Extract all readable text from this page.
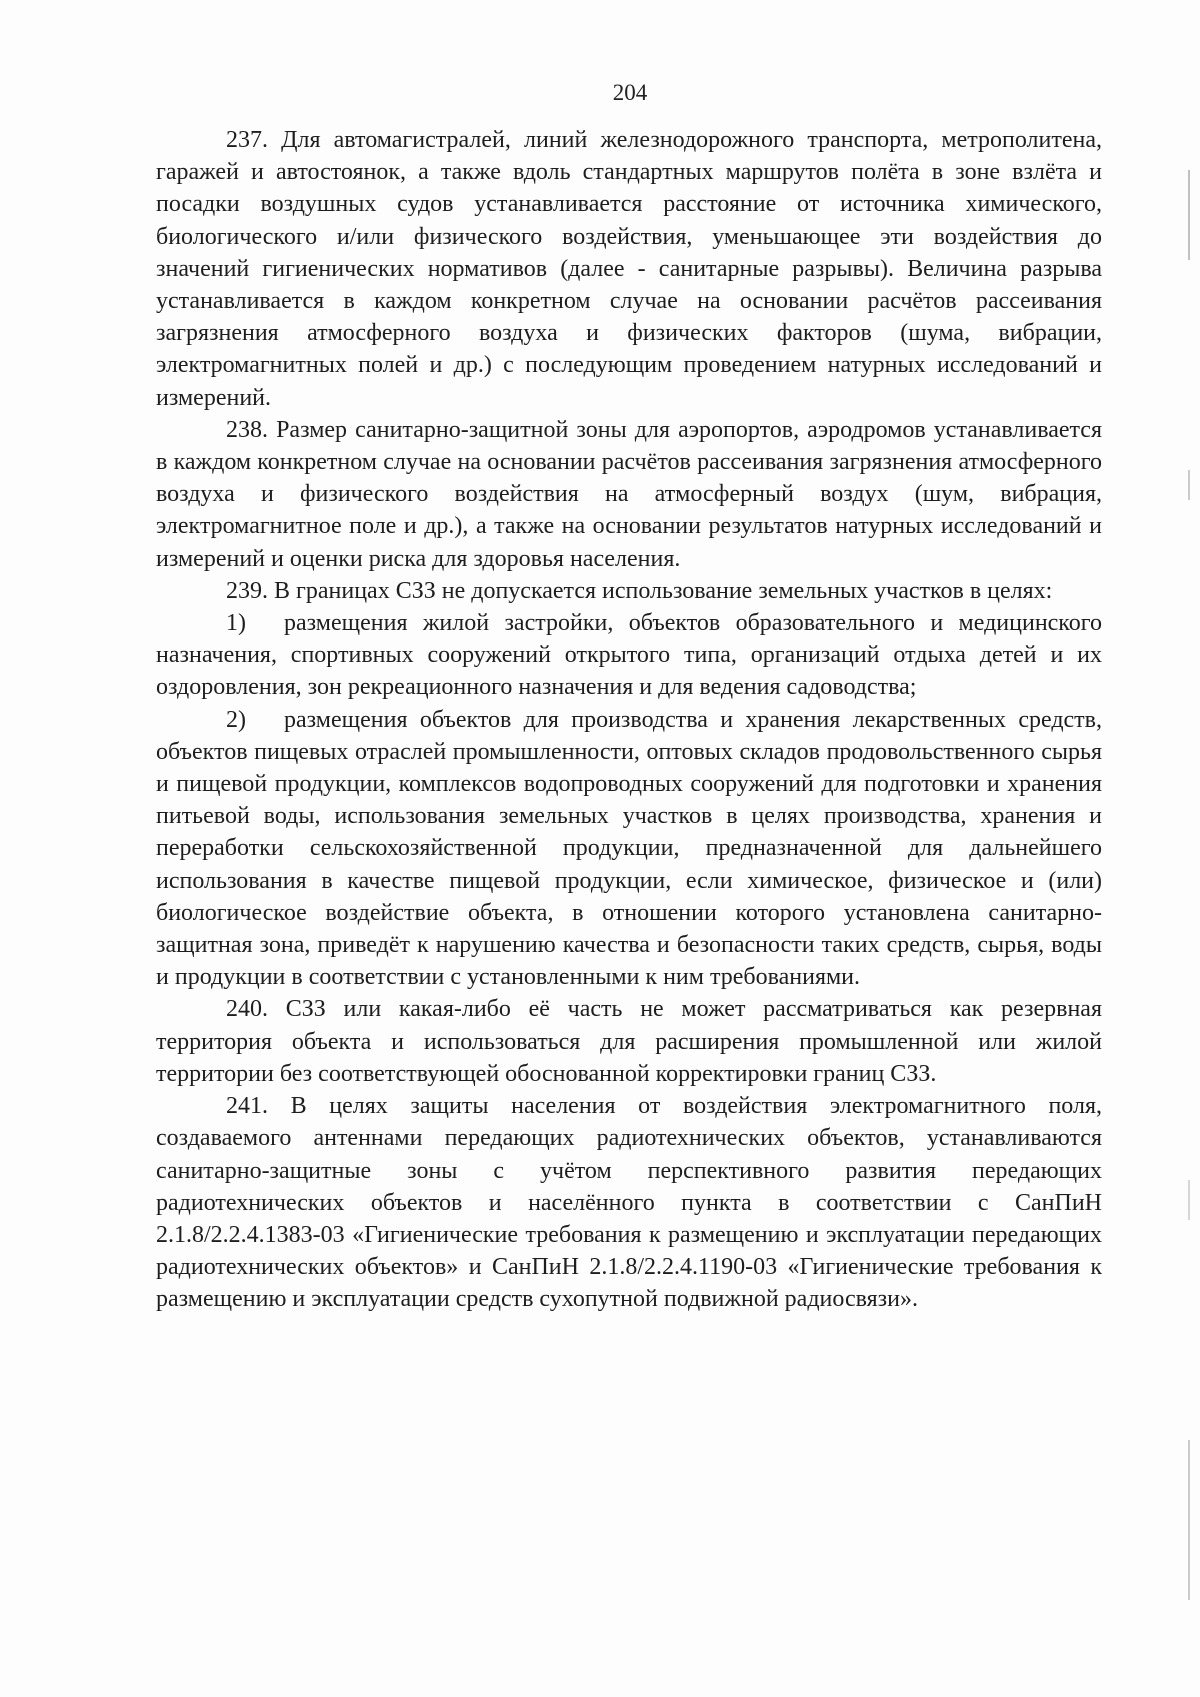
204

237. Для автомагистралей, линий железнодорожного транспорта, метрополитена, гаражей и автостоянок, а также вдоль стандартных маршрутов полёта в зоне взлёта и посадки воздушных судов устанавливается расстояние от источника химического, биологического и/или физического воздействия, уменьшающее эти воздействия до значений гигиенических нормативов (далее - санитарные разрывы). Величина разрыва устанавливается в каждом конкретном случае на основании расчётов рассеивания загрязнения атмосферного воздуха и физических факторов (шума, вибрации, электромагнитных полей и др.) с последующим проведением натурных исследований и измерений.

238. Размер санитарно-защитной зоны для аэропортов, аэродромов устанавливается в каждом конкретном случае на основании расчётов рассеивания загрязнения атмосферного воздуха и физического воздействия на атмосферный воздух (шум, вибрация, электромагнитное поле и др.), а также на основании результатов натурных исследований и измерений и оценки риска для здоровья населения.

239. В границах СЗЗ не допускается использование земельных участков в целях:

1) размещения жилой застройки, объектов образовательного и медицинского назначения, спортивных сооружений открытого типа, организаций отдыха детей и их оздоровления, зон рекреационного назначения и для ведения садоводства;

2) размещения объектов для производства и хранения лекарственных средств, объектов пищевых отраслей промышленности, оптовых складов продовольственного сырья и пищевой продукции, комплексов водопроводных сооружений для подготовки и хранения питьевой воды, использования земельных участков в целях производства, хранения и переработки сельскохозяйственной продукции, предназначенной для дальнейшего использования в качестве пищевой продукции, если химическое, физическое и (или) биологическое воздействие объекта, в отношении которого установлена санитарно-защитная зона, приведёт к нарушению качества и безопасности таких средств, сырья, воды и продукции в соответствии с установленными к ним требованиями.

240. СЗЗ или какая-либо её часть не может рассматриваться как резервная территория объекта и использоваться для расширения промышленной или жилой территории без соответствующей обоснованной корректировки границ СЗЗ.

241. В целях защиты населения от воздействия электромагнитного поля, создаваемого антеннами передающих радиотехнических объектов, устанавливаются санитарно-защитные зоны с учётом перспективного развития передающих радиотехнических объектов и населённого пункта в соответствии с СанПиН 2.1.8/2.2.4.1383-03 «Гигиенические требования к размещению и эксплуатации передающих радиотехнических объектов» и СанПиН 2.1.8/2.2.4.1190-03 «Гигиенические требования к размещению и эксплуатации средств сухопутной подвижной радиосвязи».
